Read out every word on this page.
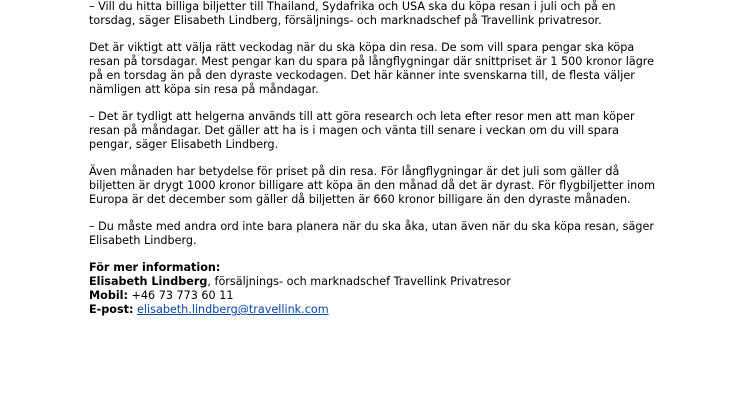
– Vill du hitta billiga biljetter till Thailand, Sydafrika och USA ska du köpa resan i juli och på en
torsdag, säger Elisabeth Lindberg, försäljnings- och marknadschef på Travellink privatresor.

Det är viktigt att välja rätt veckodag när du ska köpa din resa. De som vill spara pengar ska köpa
resan på torsdagar. Mest pengar kan du spara på långflygningar där snittpriset är 1 500 kronor lägre
på en torsdag än på den dyraste veckodagen. Det här känner inte svenskarna till, de flesta väljer
nämligen att köpa sin resa på måndagar.

– Det är tydligt att helgerna används till att göra research och leta efter resor men att man köper
resan på måndagar. Det gäller att ha is i magen och vänta till senare i veckan om du vill spara
pengar, säger Elisabeth Lindberg.

Även månaden har betydelse för priset på din resa. För långflygningar är det juli som gäller då
biljetten är drygt 1000 kronor billigare att köpa än den månad då det är dyrast. För flygbiljetter inom
Europa är det december som gäller då biljetten är 660 kronor billigare än den dyraste månaden.

– Du måste med andra ord inte bara planera när du ska åka, utan även när du ska köpa resan, säger
Elisabeth Lindberg.

För mer information:

Elisabeth Lindberg, försäljnings- och marknadschef Travellink Privatresor

Mobil: +46 73 773 60 11

E-post: elisabeth.lindberg@travellink.com
